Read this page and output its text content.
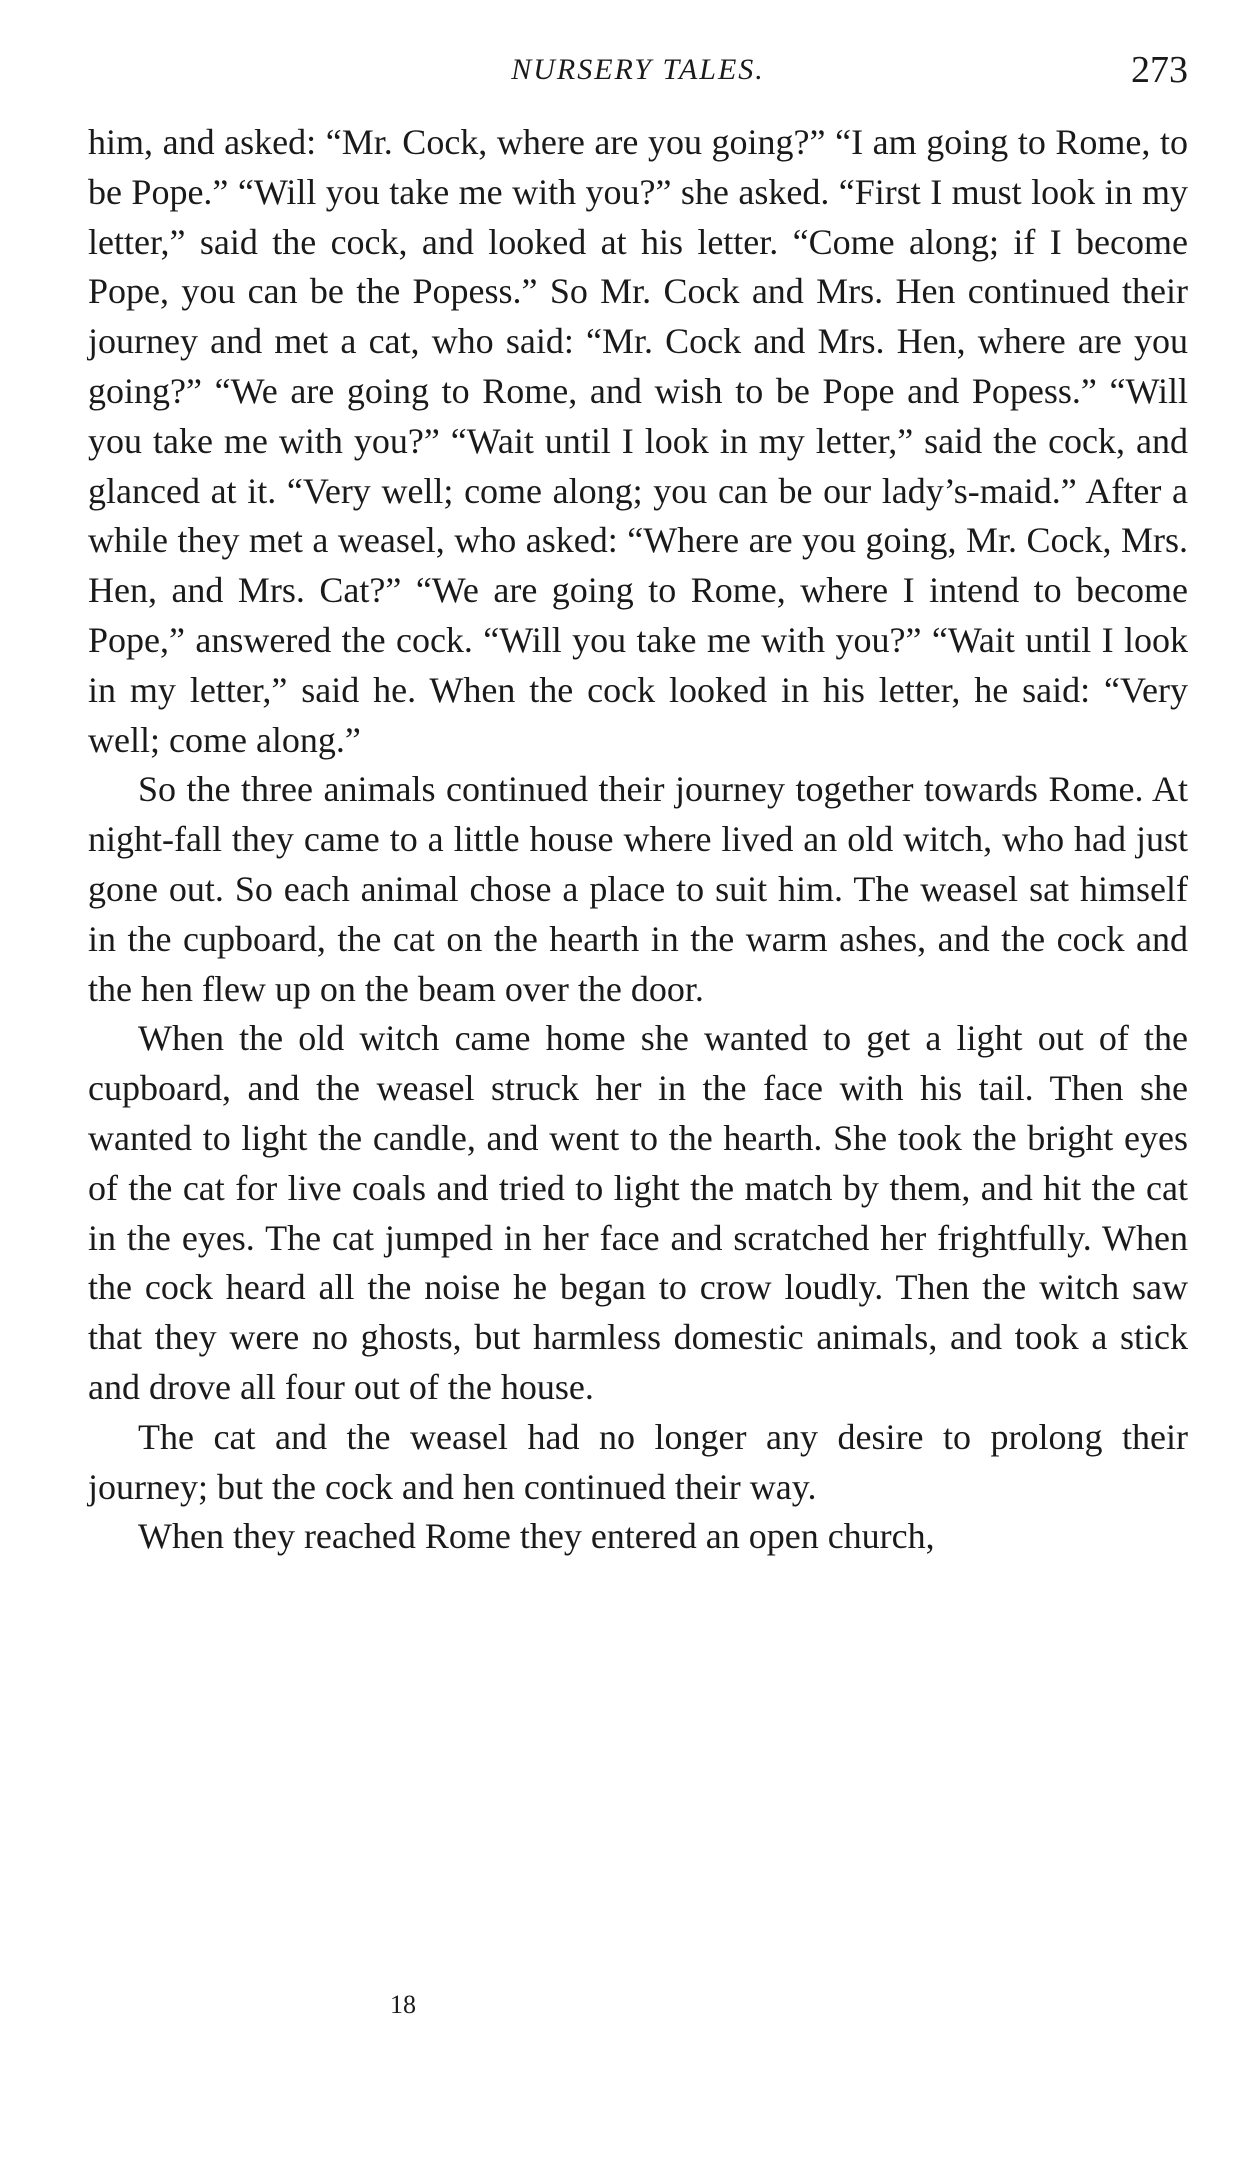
NURSERY TALES.	273

him, and asked: “Mr. Cock, where are you going?” “I am going to Rome, to be Pope.” “Will you take me with you?” she asked. “First I must look in my letter,” said the cock, and looked at his letter. “Come along; if I become Pope, you can be the Popess.” So Mr. Cock and Mrs. Hen continued their journey and met a cat, who said: “Mr. Cock and Mrs. Hen, where are you going?” “We are going to Rome, and wish to be Pope and Popess.” “Will you take me with you?” “Wait until I look in my letter,” said the cock, and glanced at it. “Very well; come along; you can be our lady’s-maid.” After a while they met a weasel, who asked: “Where are you going, Mr. Cock, Mrs. Hen, and Mrs. Cat?” “We are going to Rome, where I intend to become Pope,” answered the cock. “Will you take me with you?” “Wait until I look in my letter,” said he. When the cock looked in his letter, he said: “Very well; come along.”

So the three animals continued their journey together towards Rome. At night-fall they came to a little house where lived an old witch, who had just gone out. So each animal chose a place to suit him. The weasel sat himself in the cupboard, the cat on the hearth in the warm ashes, and the cock and the hen flew up on the beam over the door.

When the old witch came home she wanted to get a light out of the cupboard, and the weasel struck her in the face with his tail. Then she wanted to light the candle, and went to the hearth. She took the bright eyes of the cat for live coals and tried to light the match by them, and hit the cat in the eyes. The cat jumped in her face and scratched her frightfully. When the cock heard all the noise he began to crow loudly. Then the witch saw that they were no ghosts, but harmless domestic animals, and took a stick and drove all four out of the house.

The cat and the weasel had no longer any desire to prolong their journey; but the cock and hen continued their way.

When they reached Rome they entered an open church,

18
